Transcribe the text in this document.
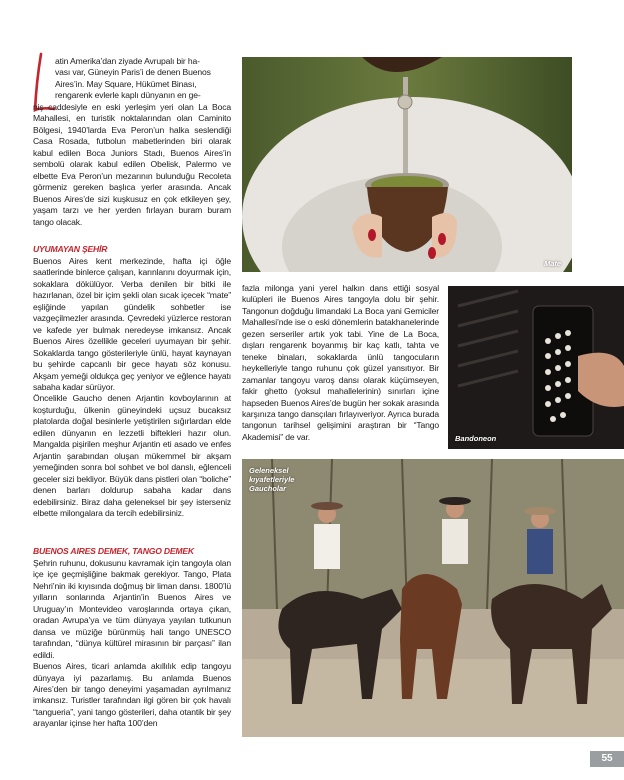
atin Amerika’dan ziyade Avrupalı bir ha-

vası var, Güneyin Paris’i de denen Buenos

Aires’in. May Square, Hükümet Binası,

rengarenk evlerle kaplı dünyanın en ge-

niş caddesiyle en eski yerleşim yeri olan La Boca Mahallesi, en turistik noktalarından olan Caminito Bölgesi, 1940’larda Eva Peron’un halka seslendiği Casa Rosada, futbolun mabetlerinden biri olarak kabul edilen Boca Juniors Stadı, Buenos Aires’in sembolü olarak kabul edilen Obelisk, Palermo ve elbette Eva Peron’un mezarının bulunduğu Recoleta görmeniz gereken başlıca yerler arasında. Ancak Buenos Aires’de sizi kuşkusuz en çok etkileyen şey, yaşam tarzı ve her yerden fırlayan buram buram tango olacak.

UYUMAYAN ŞEHİR

Buenos Aires kent merkezinde, hafta içi öğle saatlerinde binlerce çalışan, karınlarını doyurmak için, sokaklara dökülüyor. Verba denilen bir bitki ile hazırlanan, özel bir içim şekli olan sıcak içecek “mate” eşliğinde yapılan gündelik sohbetler ise vazgeçilmezler arasında. Çevredeki yüzlerce restoran ve kafede yer bulmak neredeyse imkansız. Ancak Buenos Aires özellikle geceleri uyumayan bir şehir. Sokaklarda tango gösterileriyle ünlü, hayat kaynayan bu şehirde capcanlı bir gece hayatı söz konusu. Akşam yemeği oldukça geç yeniyor ve eğlence hayatı sabaha kadar sürüyor.

Öncelikle Gaucho denen Arjantin kovboylarının at koşturduğu, ülkenin güneyindeki uçsuz bucaksız platolarda doğal besinlerle yetiştirilen sığırlardan elde edilen dünyanın en lezzetli biftekleri hazır olun. Mangalda pişirilen meşhur Arjantin eti asado ve enfes Arjantin şarabından oluşan mükemmel bir akşam yemeğinden sonra bol sohbet ve bol danslı, eğlenceli geceler sizi bekliyor. Büyük dans pistleri olan “boliche” denen barları doldurup sabaha kadar dans edebilirsiniz. Biraz daha geleneksel bir şey isterseniz elbette milongalara da tercih edebilirsiniz.

BUENOS AIRES DEMEK, TANGO DEMEK

Şehrin ruhunu, dokusunu kavramak için tangoyla olan içe içe geçmişliğine bakmak gerekiyor. Tango, Plata Nehri’nin iki kıyısında doğmuş bir liman dansı. 1800’lü yılların sonlarında Arjantin’in Buenos Aires ve Uruguay’ın Montevideo varoşlarında ortaya çıkan, oradan Avrupa’ya ve tüm dünyaya yayılan tutkunun dansa ve müziğe bürünmüş hali tango UNESCO tarafından, “dünya kültürel mirasının bir parçası” ilan edildi.

Buenos Aires, ticari anlamda akıllılık edip tangoyu dünyaya iyi pazarlamış. Bu anlamda Buenos Aires’den bir tango deneyimi yaşamadan ayrılmanız imkansız. Turistler tarafından ilgi gören bir çok havalı “tangueria”, yani tango gösterileri, daha otantik bir şey arayanlar içinse her hafta 100’den

fazla milonga yani yerel halkın dans ettiği sosyal kulüpleri ile Buenos Aires tangoyla dolu bir şehir. Tangonun doğduğu limandaki La Boca yani Gemiciler Mahallesi’nde ise o eski dönemlerin batakhanelerinde gezen serseriler artık yok tabi. Yine de La Boca, dışları rengarenk boyanmış bir kaç katlı, tahta ve teneke binaları, sokaklarda ünlü tangocuların heykelleriyle tango ruhunu çok güzel yansıtıyor. Bir zamanlar tangoyu varoş dansı olarak küçümseyen, fakir ghetto (yoksul mahallelerinin) sınırları içine hapseden Buenos Aires’de bugün her sokak arasında karşınıza tango dansçıları fırlayıveriyor. Ayrıca burada tangonun tarihsel gelişimini araştıran bir “Tango Akademisi” de var.

Mate
Bandoneon
Geleneksel kıyafetleriyle Gaucholar
55
